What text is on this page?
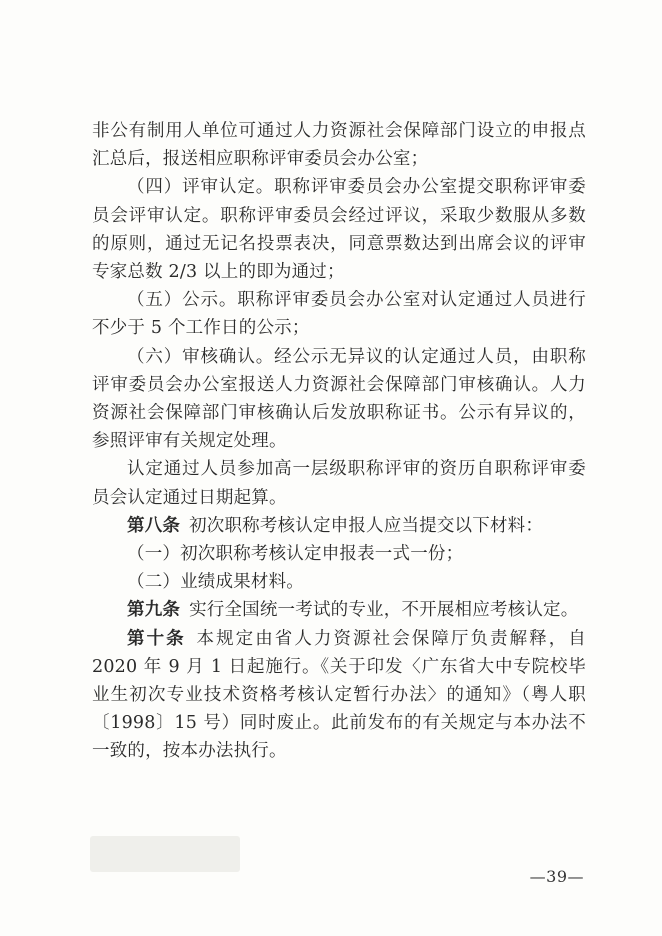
非公有制用人单位可通过人力资源社会保障部门设立的申报点汇总后，报送相应职称评审委员会办公室；

（四）评审认定。职称评审委员会办公室提交职称评审委员会评审认定。职称评审委员会经过评议，采取少数服从多数的原则，通过无记名投票表决，同意票数达到出席会议的评审专家总数 2/3 以上的即为通过；

（五）公示。职称评审委员会办公室对认定通过人员进行不少于 5 个工作日的公示；

（六）审核确认。经公示无异议的认定通过人员，由职称评审委员会办公室报送人力资源社会保障部门审核确认。人力资源社会保障部门审核确认后发放职称证书。公示有异议的，参照评审有关规定处理。

认定通过人员参加高一层级职称评审的资历自职称评审委员会认定通过日期起算。

第八条  初次职称考核认定申报人应当提交以下材料：

（一）初次职称考核认定申报表一式一份；

（二）业绩成果材料。

第九条  实行全国统一考试的专业，不开展相应考核认定。

第十条  本规定由省人力资源社会保障厅负责解释，自 2020 年 9 月 1 日起施行。《关于印发〈广东省大中专院校毕业生初次专业技术资格考核认定暂行办法〉的通知》（粤人职〔1998〕15 号）同时废止。此前发布的有关规定与本办法不一致的，按本办法执行。

—39—
